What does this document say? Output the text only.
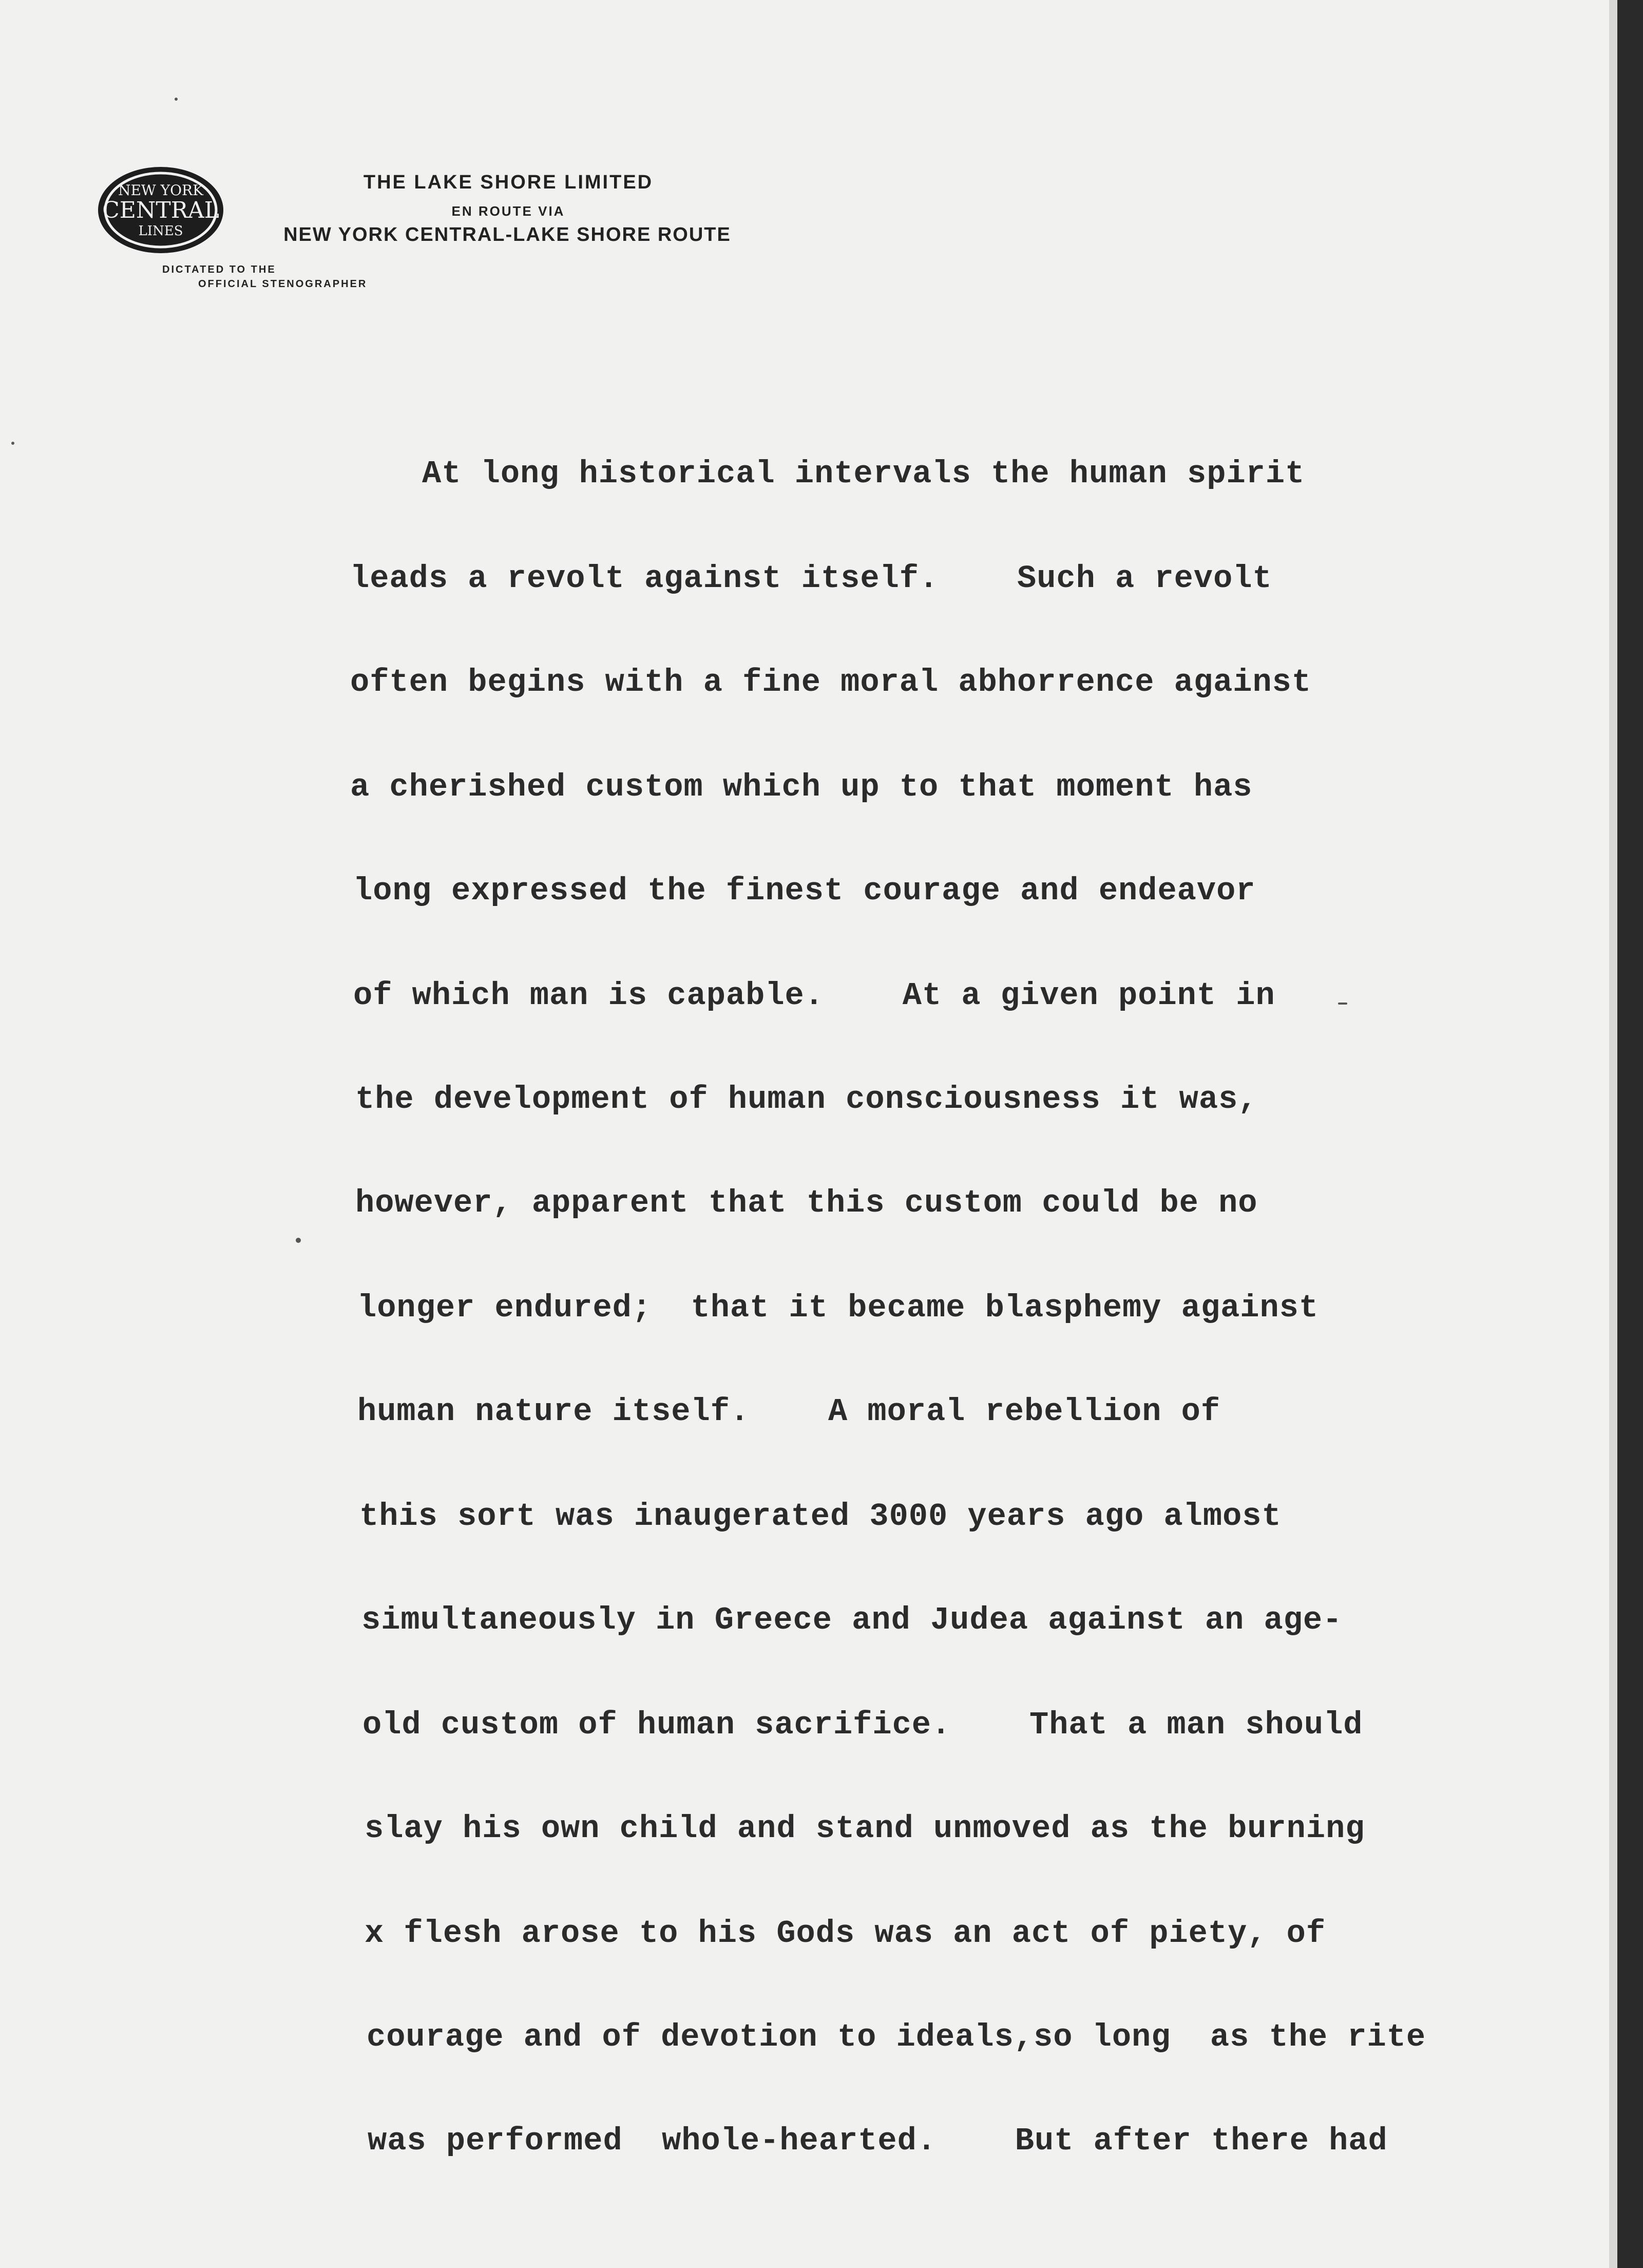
NEW YORK
CENTRAL
LINES
THE LAKE SHORE LIMITED
EN ROUTE VIA
NEW YORK CENTRAL-LAKE SHORE ROUTE
DICTATED TO THE
OFFICIAL STENOGRAPHER
At long historical intervals the human spirit
leads a revolt against itself.    Such a revolt
often begins with a fine moral abhorrence against
a cherished custom which up to that moment has
long expressed the finest courage and endeavor
of which man is capable.    At a given point in
the development of human consciousness it was,
however, apparent that this custom could be no
longer endured;  that it became blasphemy against
human nature itself.    A moral rebellion of
this sort was inaugerated 3000 years ago almost
simultaneously in Greece and Judea against an age-
old custom of human sacrifice.    That a man should
slay his own child and stand unmoved as the burning
x flesh arose to his Gods was an act of piety, of
courage and of devotion to ideals,so long  as the rite
was performed  whole-hearted.    But after there had
